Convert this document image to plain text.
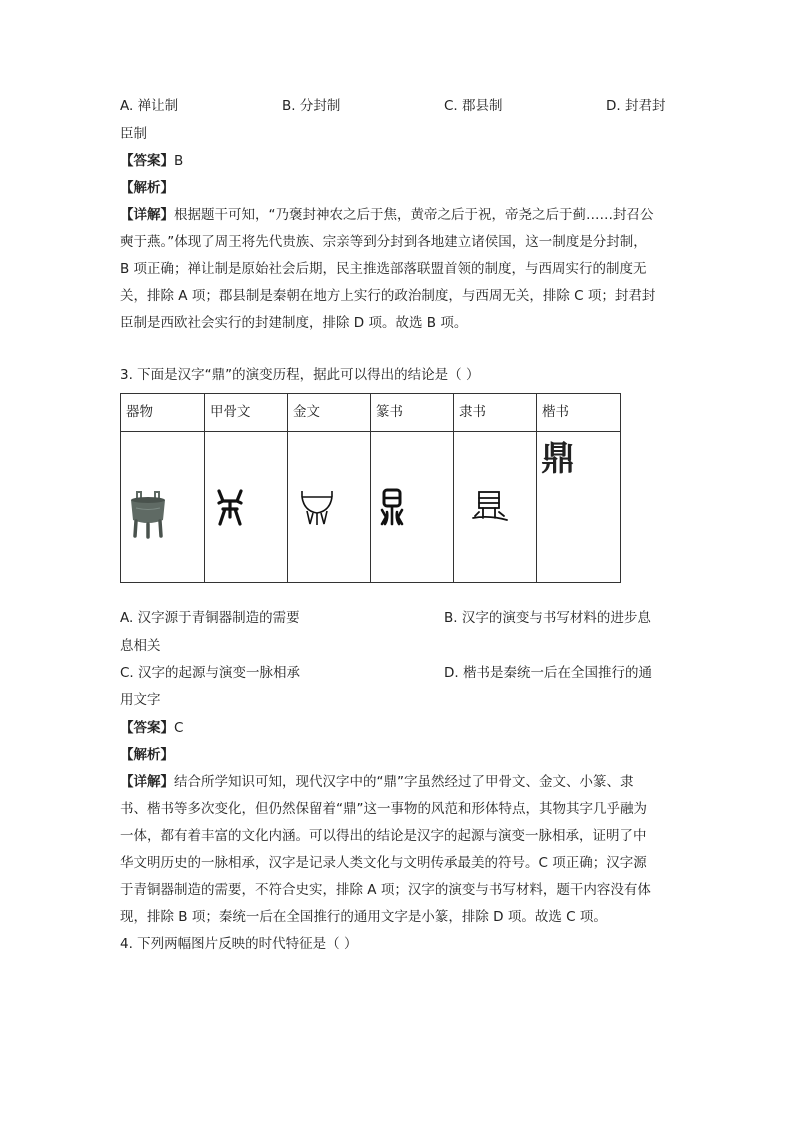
A. 禅让制	B. 分封制	C. 郡县制	D. 封君封
臣制
【答案】B
【解析】
【详解】根据题干可知，“乃褒封神农之后于焦，黄帝之后于祝，帝尧之后于蓟……封召公
奭于燕。”体现了周王将先代贵族、宗亲等到分封到各地建立诸侯国，这一制度是分封制，
B 项正确；禅让制是原始社会后期，民主推选部落联盟首领的制度，与西周实行的制度无
关，排除 A 项；郡县制是秦朝在地方上实行的政治制度，与西周无关，排除 C 项；封君封
臣制是西欧社会实行的封建制度，排除 D 项。故选 B 项。
3. 下面是汉字“鼎”的演变历程，据此可以得出的结论是（ ）
器物	甲骨文	金文	篆书	隶书	楷书

鼎
A. 汉字源于青铜器制造的需要	B. 汉字的演变与书写材料的进步息
息相关
C. 汉字的起源与演变一脉相承	D. 楷书是秦统一后在全国推行的通
用文字
【答案】C
【解析】
【详解】结合所学知识可知，现代汉字中的“鼎”字虽然经过了甲骨文、金文、小篆、隶
书、楷书等多次变化，但仍然保留着“鼎”这一事物的风范和形体特点，其物其字几乎融为
一体，都有着丰富的文化内涵。可以得出的结论是汉字的起源与演变一脉相承，证明了中
华文明历史的一脉相承，汉字是记录人类文化与文明传承最美的符号。C 项正确；汉字源
于青铜器制造的需要，不符合史实，排除 A 项；汉字的演变与书写材料，题干内容没有体
现，排除 B 项；秦统一后在全国推行的通用文字是小篆，排除 D 项。故选 C 项。
4. 下列两幅图片反映的时代特征是（ ）
